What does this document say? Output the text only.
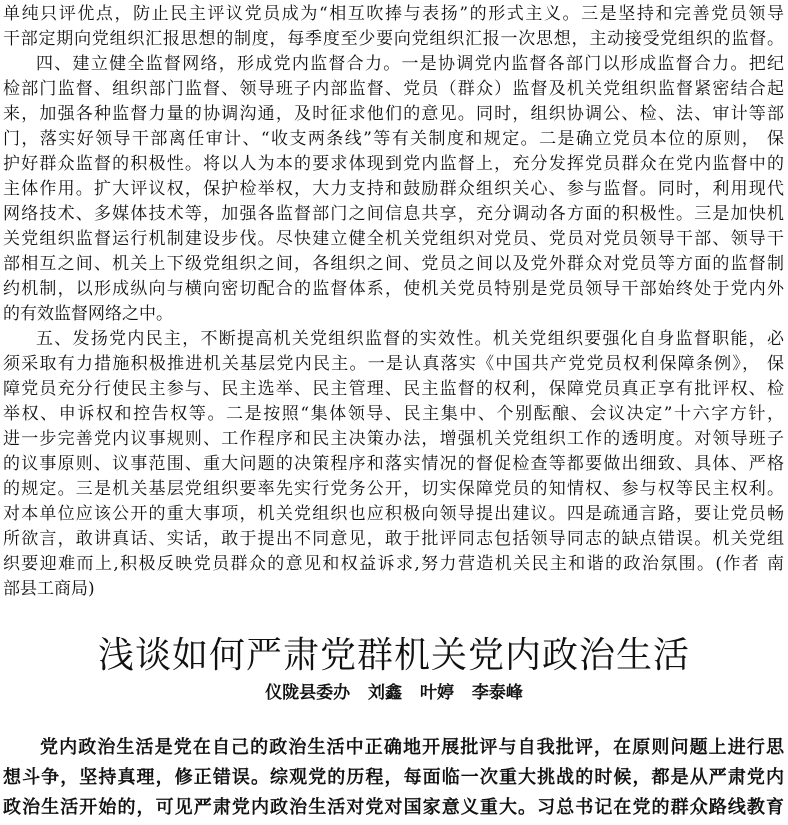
单纯只评优点，防止民主评议党员成为“相互吹捧与表扬”的形式主义。三是坚持和完善党员领导
干部定期向党组织汇报思想的制度，每季度至少要向党组织汇报一次思想，主动接受党组织的监督。
四、建立健全监督网络，形成党内监督合力。一是协调党内监督各部门以形成监督合力。把纪
检部门监督、组织部门监督、领导班子内部监督、党员（群众）监督及机关党组织监督紧密结合起
来，加强各种监督力量的协调沟通，及时征求他们的意见。同时，组织协调公、检、法、审计等部
门，落实好领导干部离任审计、“收支两条线”等有关制度和规定。二是确立党员本位的原则， 保
护好群众监督的积极性。将以人为本的要求体现到党内监督上，充分发挥党员群众在党内监督中的
主体作用。扩大评议权，保护检举权，大力支持和鼓励群众组织关心、参与监督。同时，利用现代
网络技术、多媒体技术等，加强各监督部门之间信息共享，充分调动各方面的积极性。三是加快机
关党组织监督运行机制建设步伐。尽快建立健全机关党组织对党员、党员对党员领导干部、领导干
部相互之间、机关上下级党组织之间，各组织之间、党员之间以及党外群众对党员等方面的监督制
约机制，以形成纵向与横向密切配合的监督体系，使机关党员特别是党员领导干部始终处于党内外
的有效监督网络之中。
五、发扬党内民主，不断提高机关党组织监督的实效性。机关党组织要强化自身监督职能，必
须采取有力措施积极推进机关基层党内民主。一是认真落实《中国共产党党员权利保障条例》， 保
障党员充分行使民主参与、民主选举、民主管理、民主监督的权利，保障党员真正享有批评权、检
举权、申诉权和控告权等。二是按照“集体领导、民主集中、个别酝酿、会议决定”十六字方针，
进一步完善党内议事规则、工作程序和民主决策办法，增强机关党组织工作的透明度。对领导班子
的议事原则、议事范围、重大问题的决策程序和落实情况的督促检查等都要做出细致、具体、严格
的规定。三是机关基层党组织要率先实行党务公开，切实保障党员的知情权、参与权等民主权利。
对本单位应该公开的重大事项，机关党组织也应积极向领导提出建议。四是疏通言路，要让党员畅
所欲言，敢讲真话、实话，敢于提出不同意见，敢于批评同志包括领导同志的缺点错误。机关党组
织要迎难而上,积极反映党员群众的意见和权益诉求,努力营造机关民主和谐的政治氛围。(作者 南
部县工商局)
浅谈如何严肃党群机关党内政治生活
仪陇县委办 刘鑫 叶婷 李泰峰
党内政治生活是党在自己的政治生活中正确地开展批评与自我批评，在原则问题上进行思
想斗争，坚持真理，修正错误。综观党的历程，每面临一次重大挑战的时候，都是从严肃党内
政治生活开始的，可见严肃党内政治生活对党对国家意义重大。习总书记在党的群众路线教育
